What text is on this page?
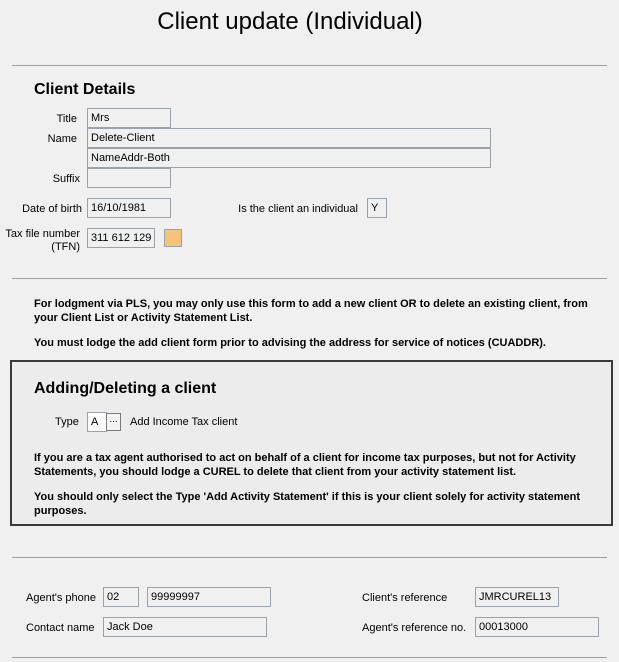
Client update (Individual)
Client Details
Title	Mrs
Name	Delete-Client
NameAddr-Both
Suffix
Date of birth 16/10/1981	Is the client an individual	Y
Tax file number
(TFN)
311 612 129
For lodgment via PLS, you may only use this form to add a new client OR to delete an existing client, from your Client List or Activity Statement List.
You must lodge the add client form prior to advising the address for service of notices (CUADDR).
Adding/Deleting a client
Type	A	...	Add Income Tax client
If you are a tax agent authorised to act on behalf of a client for income tax purposes, but not for Activity Statements, you should lodge a CUREL to delete that client from your activity statement list.
You should only select the Type 'Add Activity Statement' if this is your client solely for activity statement purposes.
Agent's phone	02	99999997
Contact name	Jack Doe
Client's reference	JMRCUREL13
Agent's reference no.	00013000
